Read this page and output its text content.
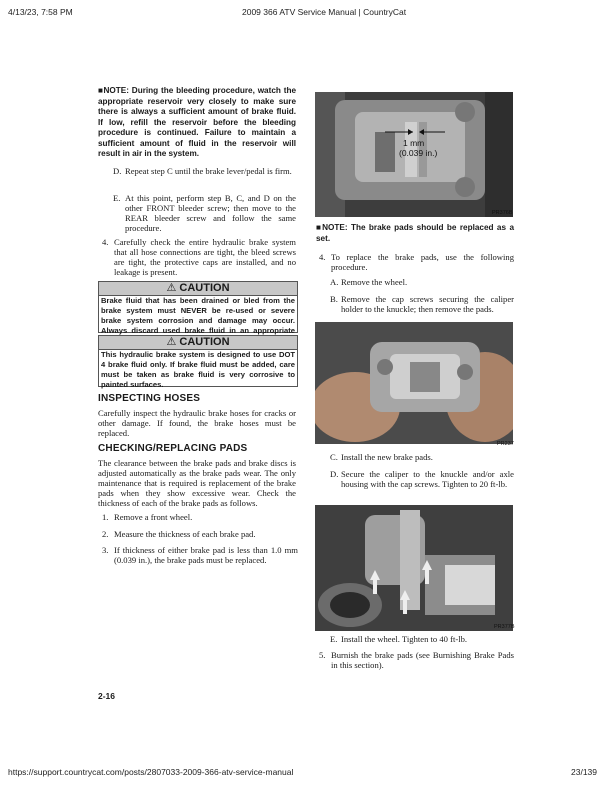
4/13/23, 7:58 PM	2009 366 ATV Service Manual | CountryCat
■NOTE: During the bleeding procedure, watch the appropriate reservoir very closely to make sure there is always a sufficient amount of brake fluid. If low, refill the reservoir before the bleeding procedure is continued. Failure to maintain a sufficient amount of fluid in the reservoir will result in air in the system.
D. Repeat step C until the brake lever/pedal is firm.

E. At this point, perform step B, C, and D on the other FRONT bleeder screw; then move to the REAR bleeder screw and follow the same procedure.

4. Carefully check the entire hydraulic brake system that all hose connections are tight, the bleed screws are tight, the protective caps are installed, and no leakage is present.

⚠ CAUTION
Brake fluid that has been drained or bled from the brake system must NEVER be re-used or severe brake system corrosion and damage may occur. Always discard used brake fluid in an appropriate
⚠ CAUTION
This hydraulic brake system is designed to use DOT 4 brake fluid only. If brake fluid must be added, care must be taken as brake fluid is very corrosive to painted surfaces.
INSPECTING HOSES
Carefully inspect the hydraulic brake hoses for cracks or other damage. If found, the brake hoses must be replaced.
CHECKING/REPLACING PADS
The clearance between the brake pads and brake discs is adjusted automatically as the brake pads wear. The only maintenance that is required is replacement of the brake pads when they show excessive wear. Check the thickness of each of the brake pads as follows.
1. Remove a front wheel.

2. Measure the thickness of each brake pad.

3. If thickness of either brake pad is less than 1.0 mm (0.039 in.), the brake pads must be replaced.

2-16
1 mm
(0.039 in.)
PR376B
■NOTE: The brake pads should be replaced as a set.
4. To replace the brake pads, use the following procedure.

A. Remove the wheel.

B. Remove the cap screws securing the caliper holder to the knuckle; then remove the pads.

PR237
C. Install the new brake pads.

D. Secure the caliper to the knuckle and/or axle housing with the cap screws. Tighten to 20 ft-lb.

PR377B
E. Install the wheel. Tighten to 40 ft-lb.

5. Burnish the brake pads (see Burnishing Brake Pads in this section).

https://support.countrycat.com/posts/2807033-2009-366-atv-service-manual	23/139
